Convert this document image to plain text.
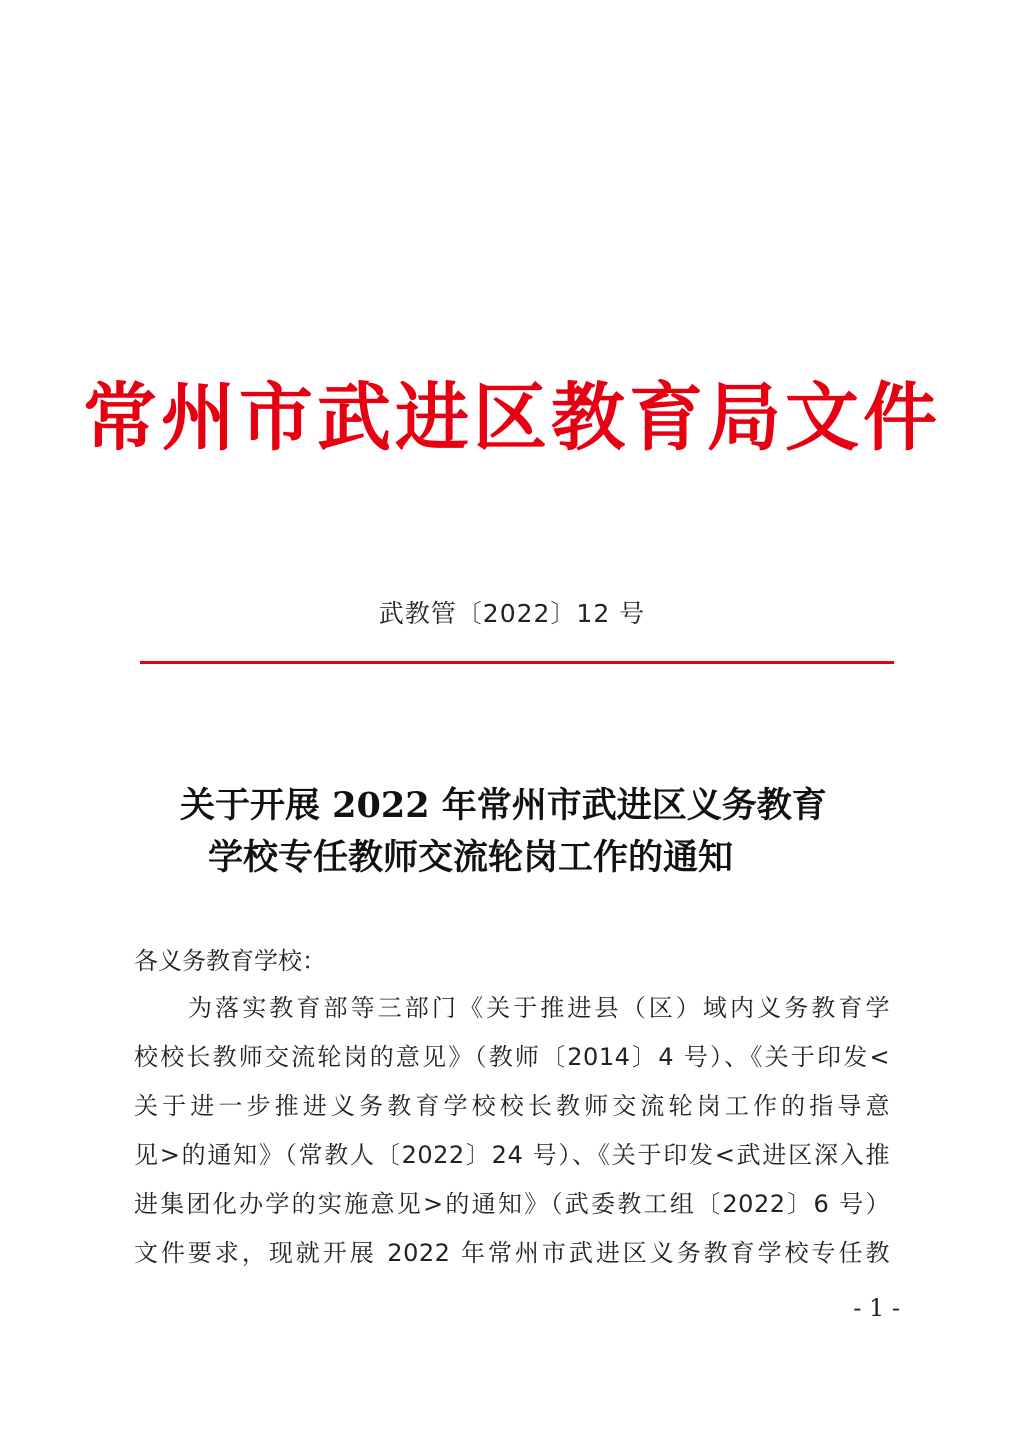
常州市武进区教育局文件
武教管〔2022〕12 号
关于开展 2022 年常州市武进区义务教育
学校专任教师交流轮岗工作的通知
各义务教育学校：
为落实教育部等三部门《关于推进县（区）域内义务教育学
校校长教师交流轮岗的意见》（教师〔2014〕4 号）、《关于印发<
关于进一步推进义务教育学校校长教师交流轮岗工作的指导意
见>的通知》（常教人〔2022〕24 号）、《关于印发<武进区深入推
进集团化办学的实施意见>的通知》（武委教工组〔2022〕6 号）
文件要求，现就开展 2022 年常州市武进区义务教育学校专任教
- 1 -
